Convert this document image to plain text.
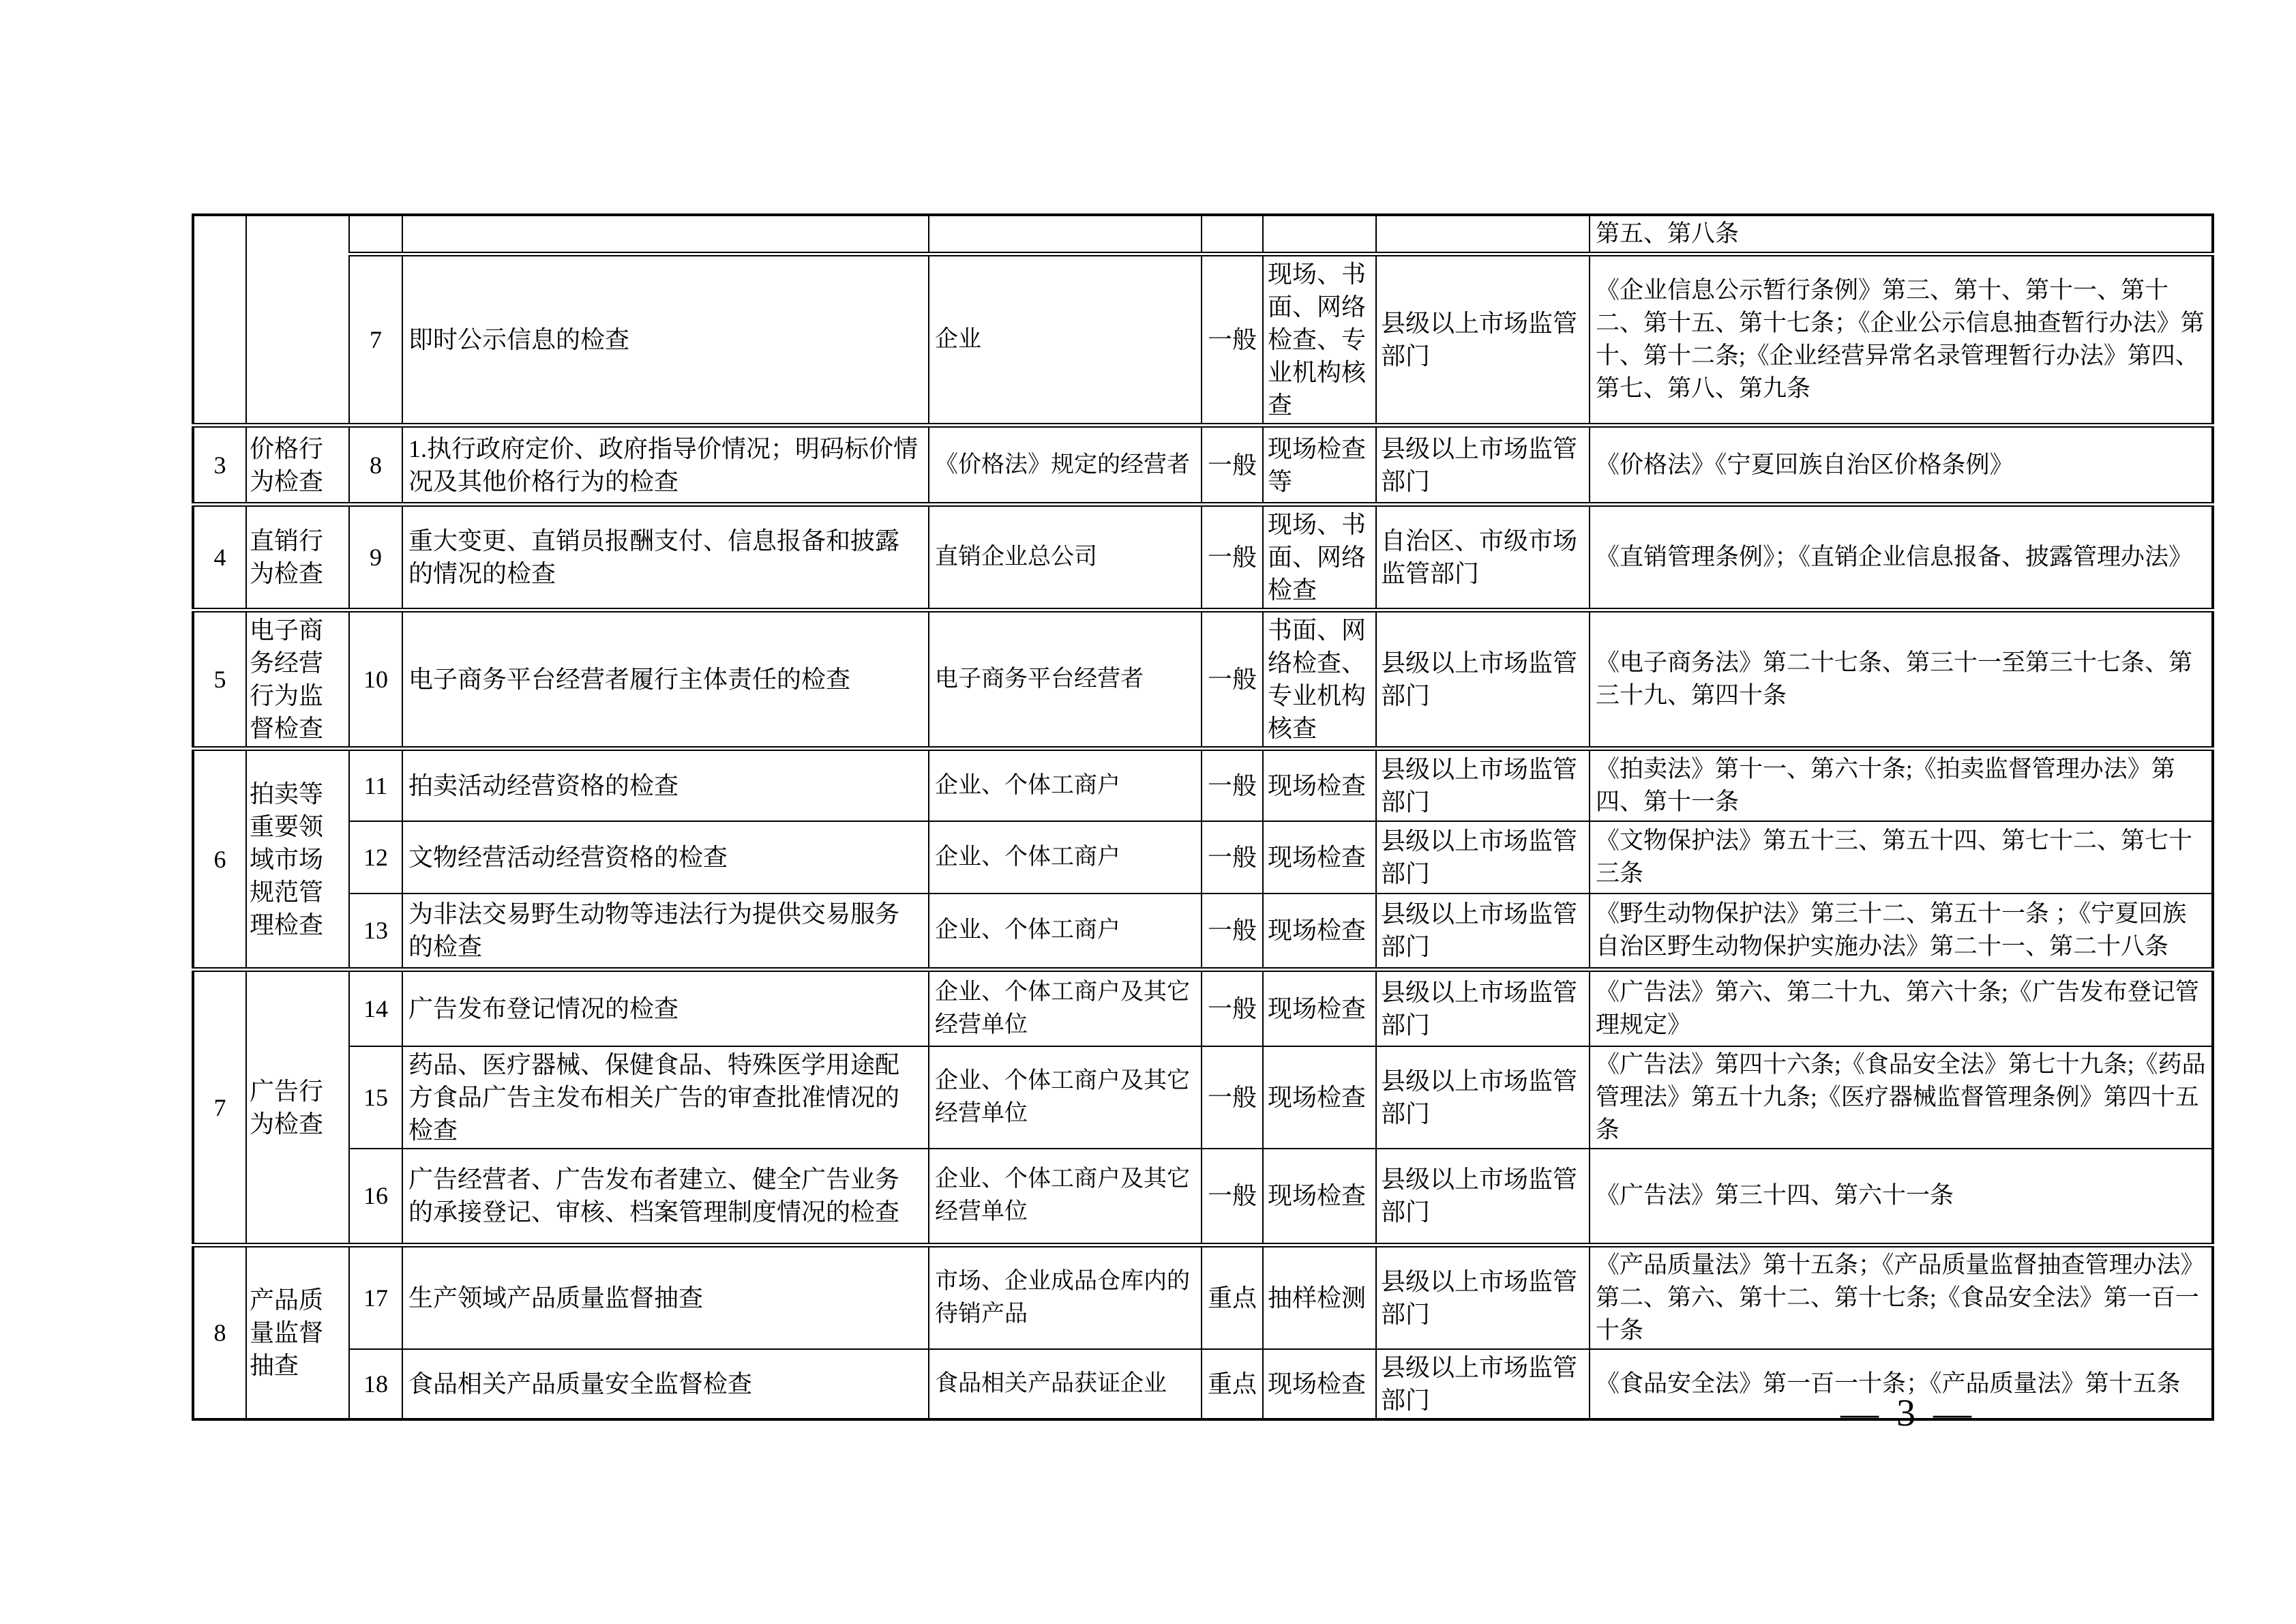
								第五、第八条
		7	即时公示信息的检查	企业	一般	现场、书面、网络检查、专业机构核查	县级以上市场监管部门	《企业信息公示暂行条例》第三、第十、第十一、第十二、第十五、第十七条；《企业公示信息抽查暂行办法》第十、第十二条;《企业经营异常名录管理暂行办法》第四、第七、第八、第九条
3	价格行为检查	8	1.执行政府定价、政府指导价情况；明码标价情况及其他价格行为的检查	《价格法》规定的经营者	一般	现场检查等	县级以上市场监管部门	《价格法》《宁夏回族自治区价格条例》
4	直销行为检查	9	重大变更、直销员报酬支付、信息报备和披露的情况的检查	直销企业总公司	一般	现场、书面、网络检查	自治区、市级市场监管部门	《直销管理条例》；《直销企业信息报备、披露管理办法》
5	电子商务经营行为监督检查	10	电子商务平台经营者履行主体责任的检查	电子商务平台经营者	一般	书面、网络检查、专业机构核查	县级以上市场监管部门	《电子商务法》第二十七条、第三十一至第三十七条、第三十九、第四十条
6	拍卖等重要领域市场规范管理检查	11	拍卖活动经营资格的检查	企业、个体工商户	一般	现场检查	县级以上市场监管部门	《拍卖法》第十一、第六十条;《拍卖监督管理办法》第四、第十一条
		12	文物经营活动经营资格的检查	企业、个体工商户	一般	现场检查	县级以上市场监管部门	《文物保护法》第五十三、第五十四、第七十二、第七十三条
		13	为非法交易野生动物等违法行为提供交易服务的检查	企业、个体工商户	一般	现场检查	县级以上市场监管部门	《野生动物保护法》第三十二、第五十一条 ；《宁夏回族自治区野生动物保护实施办法》第二十一、第二十八条
7	广告行为检查	14	广告发布登记情况的检查	企业、个体工商户及其它经营单位	一般	现场检查	县级以上市场监管部门	《广告法》第六、第二十九、第六十条;《广告发布登记管理规定》
		15	药品、医疗器械、保健食品、特殊医学用途配方食品广告主发布相关广告的审查批准情况的检查	企业、个体工商户及其它经营单位	一般	现场检查	县级以上市场监管部门	《广告法》第四十六条;《食品安全法》第七十九条;《药品管理法》第五十九条;《医疗器械监督管理条例》第四十五条
		16	广告经营者、广告发布者建立、健全广告业务的承接登记、审核、档案管理制度情况的检查	企业、个体工商户及其它经营单位	一般	现场检查	县级以上市场监管部门	《广告法》第三十四、第六十一条
8	产品质量监督抽查	17	生产领域产品质量监督抽查	市场、企业成品仓库内的待销产品	重点	抽样检测	县级以上市场监管部门	《产品质量法》第十五条；《产品质量监督抽查管理办法》第二、第六、第十二、第十七条;《食品安全法》第一百一十条
		18	食品相关产品质量安全监督检查	食品相关产品获证企业	重点	现场检查	县级以上市场监管部门	《食品安全法》第一百一十条；《产品质量法》第十五条
— 3 —
